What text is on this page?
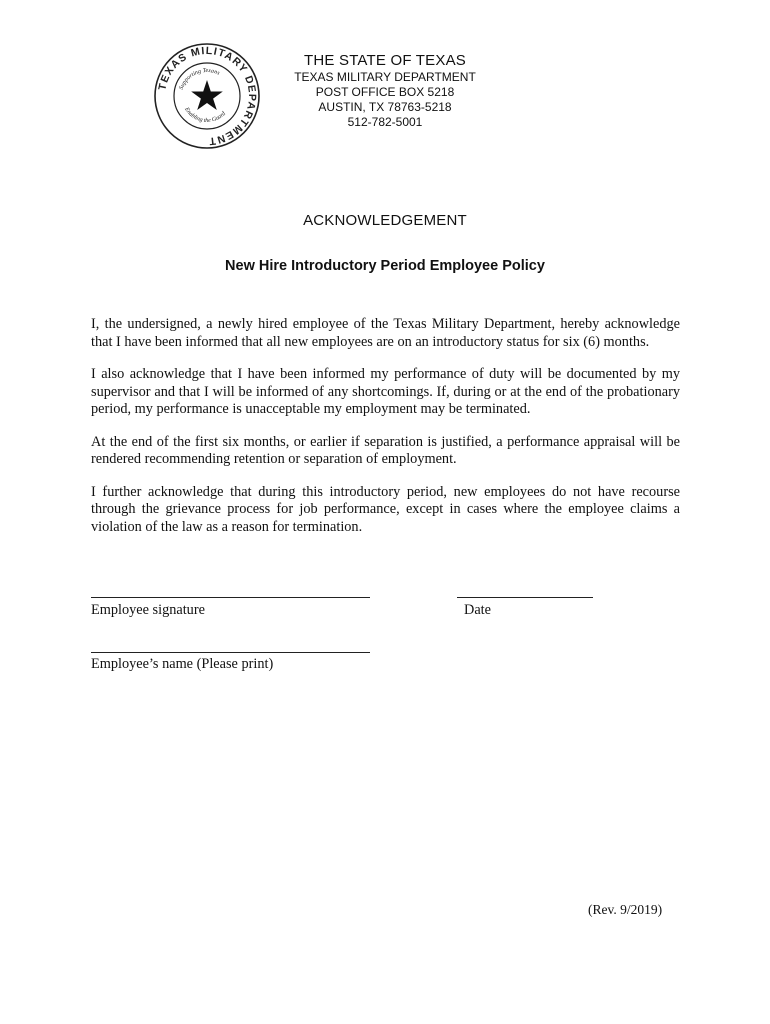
TEXAS MILITARY DEPARTMENT
Supporting Texans
Enabling the Guard
THE STATE OF TEXAS
TEXAS MILITARY DEPARTMENT
POST OFFICE BOX 5218
AUSTIN, TX 78763-5218
512-782-5001
ACKNOWLEDGEMENT
New Hire Introductory Period Employee Policy

I, the undersigned, a newly hired employee of the Texas Military Department, hereby acknowledge that I have been informed that all new employees are on an introductory status for six (6) months.

I also acknowledge that I have been informed my performance of duty will be documented by my supervisor and that I will be informed of any shortcomings. If, during or at the end of the probationary period, my performance is unacceptable my employment may be terminated.

At the end of the first six months, or earlier if separation is justified, a performance appraisal will be rendered recommending retention or separation of employment.

I further acknowledge that during this introductory period, new employees do not have recourse through the grievance process for job performance, except in cases where the employee claims a violation of the law as a reason for termination.

Employee signature	Date
Employee’s name (Please print)
(Rev. 9/2019)
